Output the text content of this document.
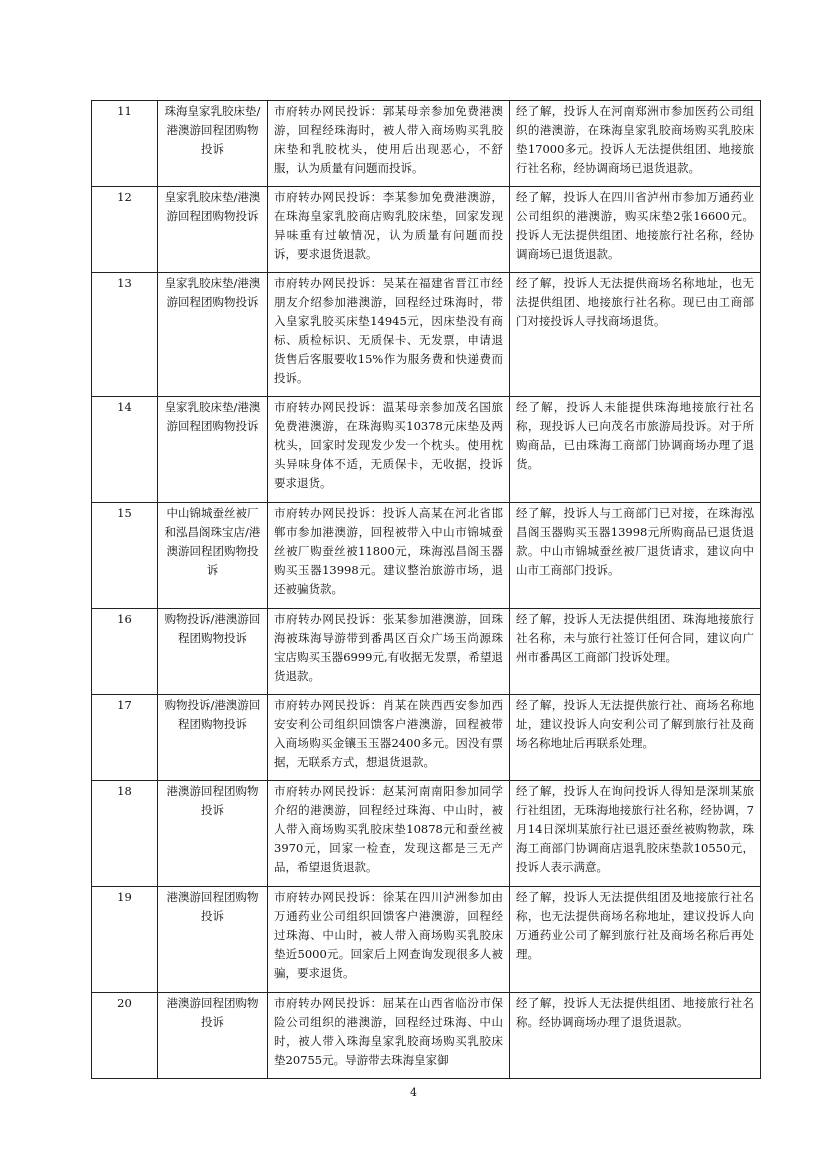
11	珠海皇家乳胶床垫/港澳游回程团购物投诉	市府转办网民投诉：郭某母亲参加免费港澳游，回程经珠海时，被人带入商场购买乳胶床垫和乳胶枕头，使用后出现恶心，不舒服，认为质量有问题而投诉。	经了解，投诉人在河南郑洲市参加医药公司组织的港澳游，在珠海皇家乳胶商场购买乳胶床垫17000多元。投诉人无法提供组团、地接旅行社名称，经协调商场已退货退款。
12	皇家乳胶床垫/港澳游回程团购物投诉	市府转办网民投诉：李某参加免费港澳游，在珠海皇家乳胶商店购乳胶床垫，回家发现异味重有过敏情况，认为质量有问题而投诉，要求退货退款。	经了解，投诉人在四川省泸州市参加万通药业公司组织的港澳游，购买床垫2张16600元。投诉人无法提供组团、地接旅行社名称，经协调商场已退货退款。
13	皇家乳胶床垫/港澳游回程团购物投诉	市府转办网民投诉：吴某在福建省晋江市经朋友介绍参加港澳游，回程经过珠海时，带入皇家乳胶买床垫14945元，因床垫没有商标、质检标识、无质保卡、无发票，申请退货售后客服要收15%作为服务费和快递费而投诉。	经了解，投诉人无法提供商场名称地址，也无法提供组团、地接旅行社名称。现已由工商部门对接投诉人寻找商场退货。
14	皇家乳胶床垫/港澳游回程团购物投诉	市府转办网民投诉：温某母亲参加茂名国旅免费港澳游，在珠海购买10378元床垫及两枕头，回家时发现发少发一个枕头。使用枕头异味身体不适，无质保卡，无收据，投诉要求退货。	经了解，投诉人未能提供珠海地接旅行社名称，现投诉人已向茂名市旅游局投诉。对于所购商品，已由珠海工商部门协调商场办理了退货。
15	中山锦城蚕丝被厂和泓昌阁珠宝店/港澳游回程团购物投诉	市府转办网民投诉：投诉人高某在河北省邯郸市参加港澳游，回程被带入中山市锦城蚕丝被厂购蚕丝被11800元，珠海泓昌阁玉器购买玉器13998元。建议整治旅游市场，退还被骗货款。	经了解，投诉人与工商部门已对接，在珠海泓昌阁玉器购买玉器13998元所购商品已退货退款。中山市锦城蚕丝被厂退货请求，建议向中山市工商部门投诉。
16	购物投诉/港澳游回程团购物投诉	市府转办网民投诉：张某参加港澳游，回珠海被珠海导游带到番禺区百众广场玉尚源珠宝店购买玉器6999元,有收据无发票，希望退货退款。	经了解，投诉人无法提供组团、珠海地接旅行社名称，未与旅行社签订任何合同，建议向广州市番禺区工商部门投诉处理。
17	购物投诉/港澳游回程团购物投诉	市府转办网民投诉：肖某在陕西西安参加西安安利公司组织回馈客户港澳游，回程被带入商场购买金镶玉玉器2400多元。因没有票据，无联系方式，想退货退款。	经了解，投诉人无法提供旅行社、商场名称地址，建议投诉人向安利公司了解到旅行社及商场名称地址后再联系处理。
18	港澳游回程团购物投诉	市府转办网民投诉：赵某河南南阳参加同学介绍的港澳游，回程经过珠海、中山时，被人带入商场购买乳胶床垫10878元和蚕丝被3970元，回家一检查，发现这都是三无产品，希望退货退款。	经了解，投诉人在询问投诉人得知是深圳某旅行社组团，无珠海地接旅行社名称，经协调，7月14日深圳某旅行社已退还蚕丝被购物款，珠海工商部门协调商店退乳胶床垫款10550元，投诉人表示满意。
19	港澳游回程团购物投诉	市府转办网民投诉：徐某在四川泸洲参加由万通药业公司组织回馈客户港澳游，回程经过珠海、中山时，被人带入商场购买乳胶床垫近5000元。回家后上网查询发现很多人被骗，要求退货。	经了解，投诉人无法提供组团及地接旅行社名称，也无法提供商场名称地址，建议投诉人向万通药业公司了解到旅行社及商场名称后再处理。
20	港澳游回程团购物投诉	市府转办网民投诉：屈某在山西省临汾市保险公司组织的港澳游，回程经过珠海、中山时，被人带入珠海皇家乳胶商场购买乳胶床垫20755元。导游带去珠海皇家御	经了解，投诉人无法提供组团、地接旅行社名称。经协调商场办理了退货退款。
4
